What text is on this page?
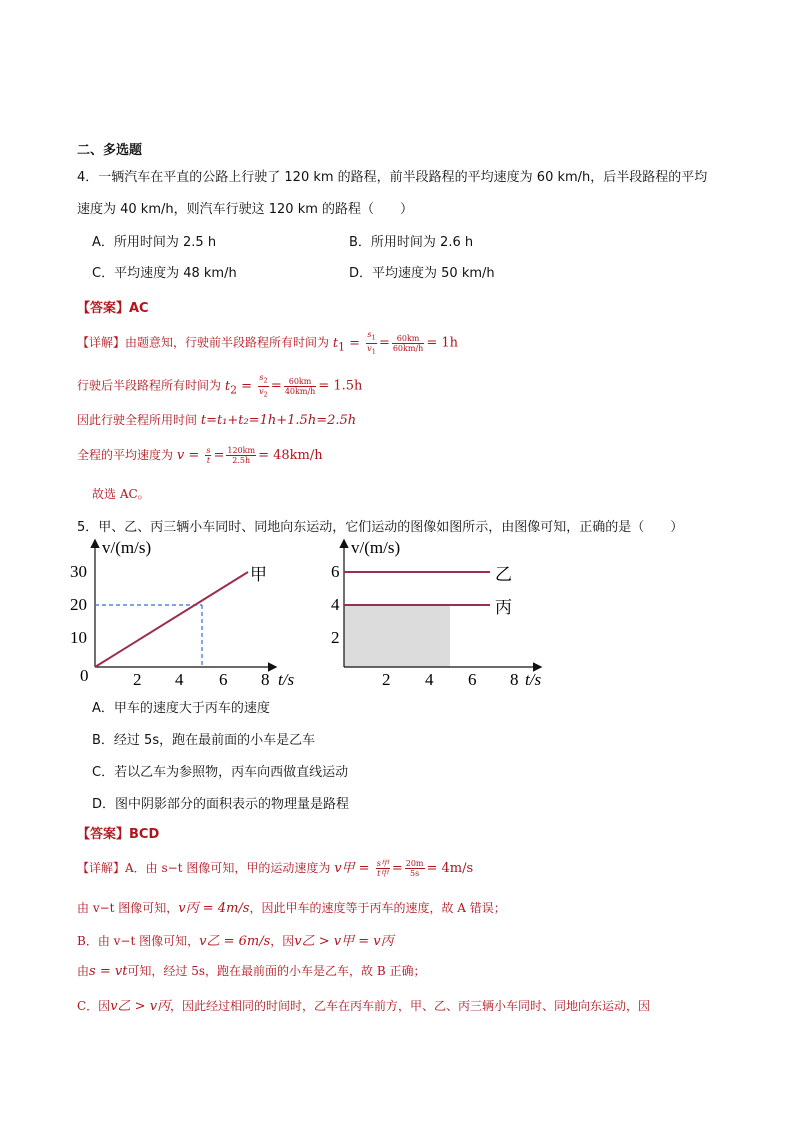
二、多选题
4．一辆汽车在平直的公路上行驶了 120 km 的路程，前半段路程的平均速度为 60 km/h，后半段路程的平均
速度为 40 km/h，则汽车行驶这 120 km 的路程（　　）
A．所用时间为 2.5 h	B．所用时间为 2.6 h
C．平均速度为 48 km/h	D．平均速度为 50 km/h
【答案】AC
【详解】由题意知，行驶前半段路程所有时间为 $t_1 = \frac{s_1}{v_1} = \frac{60km}{60km/h} = 1h$
行驶后半段路程所有时间为 $t_2 = \frac{s_2}{v_2} = \frac{60km}{40km/h} = 1.5h$
因此行驶全程所用时间 t=t₁+t₂=1h+1.5h=2.5h
全程的平均速度为 $v = \frac{s}{t} = \frac{120km}{2.5h} = 48km/h$
故选 AC。
5．甲、乙、丙三辆小车同时、同地向东运动，它们运动的图像如图所示，由图像可知，正确的是（　　）
v/(m/s)
30
20
10
0	2 4 6 8 t/s
甲
v/(m/s)
6
4
2
2 4 6 8 t/s
乙
丙
A．甲车的速度大于丙车的速度
B．经过 5s，跑在最前面的小车是乙车
C．若以乙车为参照物，丙车向西做直线运动
D．图中阴影部分的面积表示的物理量是路程
【答案】BCD
【详解】A．由 s−t 图像可知，甲的运动速度为 v甲 = $\frac{\text{s甲}}{\text{t甲}} = \frac{20m}{5s} = 4m/s$
由 v−t 图像可知，v丙 = 4m/s，因此甲车的速度等于丙车的速度，故 A 错误；
B．由 v−t 图像可知，v乙 = 6m/s，因v乙 > v甲 = v丙
由s = vt可知，经过 5s，跑在最前面的小车是乙车，故 B 正确；
C．因v乙 > v丙，因此经过相同的时间时，乙车在丙车前方，甲、乙、丙三辆小车同时、同地向东运动，因
